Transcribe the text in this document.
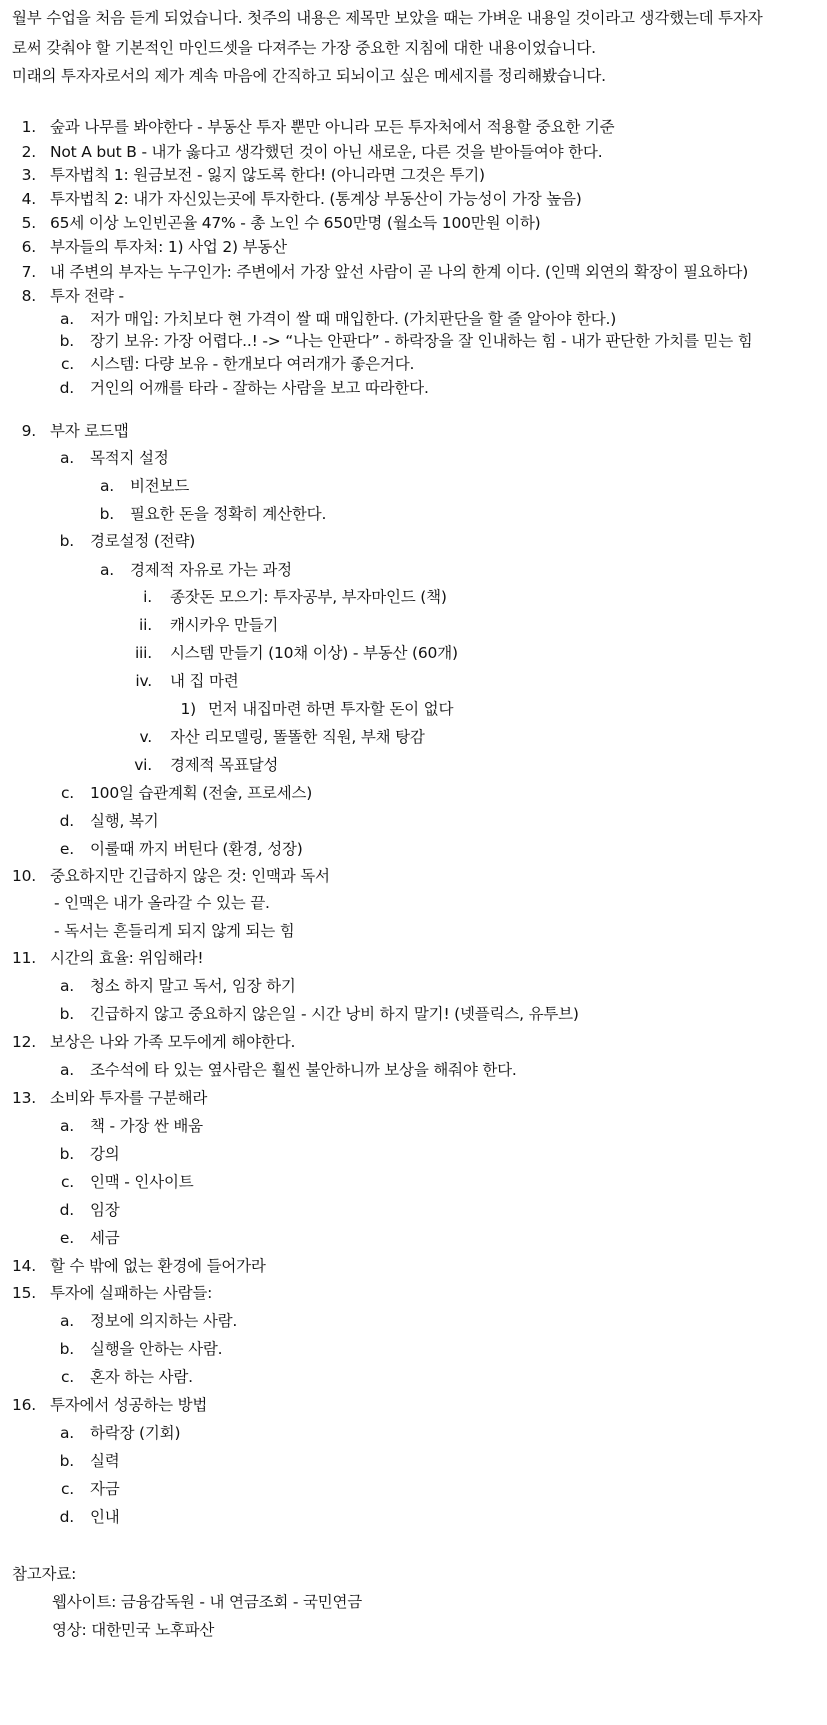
월부 수업을 처음 듣게 되었습니다. 첫주의 내용은 제목만 보았을 때는 가벼운 내용일 것이라고 생각했는데 투자자
로써 갖춰야 할 기본적인 마인드셋을 다져주는 가장 중요한 지침에 대한 내용이었습니다.
미래의 투자자로서의 제가 계속 마음에 간직하고 되뇌이고 싶은 메세지를 정리해봤습니다.
1. 숲과 나무를 봐야한다 - 부동산 투자 뿐만 아니라 모든 투자처에서 적용할 중요한 기준
2. Not A but B - 내가 옳다고 생각했던 것이 아닌 새로운, 다른 것을 받아들여야 한다.
3. 투자법칙 1: 원금보전 - 잃지 않도록 한다! (아니라면 그것은 투기)
4. 투자법칙 2: 내가 자신있는곳에 투자한다. (통계상 부동산이 가능성이 가장 높음)
5. 65세 이상 노인빈곤율 47% - 총 노인 수 650만명 (월소득 100만원 이하)
6. 부자들의 투자처: 1) 사업 2) 부동산
7. 내 주변의 부자는 누구인가: 주변에서 가장 앞선 사람이 곧 나의 한계 이다. (인맥 외연의 확장이 필요하다)
8. 투자 전략 -
a. 저가 매입: 가치보다 현 가격이 쌀 때 매입한다. (가치판단을 할 줄 알아야 한다.)
b. 장기 보유: 가장 어렵다..! -> “나는 안판다” - 하락장을 잘 인내하는 힘 - 내가 판단한 가치를 믿는 힘
c. 시스템: 다량 보유 - 한개보다 여러개가 좋은거다.
d. 거인의 어깨를 타라 - 잘하는 사람을 보고 따라한다.
9. 부자 로드맵
a. 목적지 설정
a. 비전보드
b. 필요한 돈을 정확히 계산한다.
b. 경로설정 (전략)
a. 경제적 자유로 가는 과정
i. 종잣돈 모으기: 투자공부, 부자마인드 (책)
ii. 캐시카우 만들기
iii. 시스템 만들기 (10채 이상) - 부동산 (60개)
iv. 내 집 마련
1) 먼저 내집마련 하면 투자할 돈이 없다
v. 자산 리모델링, 똘똘한 직원, 부채 탕감
vi. 경제적 목표달성
c. 100일 습관계획 (전술, 프로세스)
d. 실행, 복기
e. 이룰때 까지 버틴다 (환경, 성장)
10. 중요하지만 긴급하지 않은 것: 인맥과 독서
- 인맥은 내가 올라갈 수 있는 끝.
- 독서는 흔들리게 되지 않게 되는 힘
11. 시간의 효율: 위임해라!
a. 청소 하지 말고 독서, 임장 하기
b. 긴급하지 않고 중요하지 않은일 - 시간 낭비 하지 말기! (넷플릭스, 유투브)
12. 보상은 나와 가족 모두에게 해야한다.
a. 조수석에 타 있는 옆사람은 훨씬 불안하니까 보상을 해줘야 한다.
13. 소비와 투자를 구분해라
a. 책 - 가장 싼 배움
b. 강의
c. 인맥 - 인사이트
d. 임장
e. 세금
14. 할 수 밖에 없는 환경에 들어가라
15. 투자에 실패하는 사람들:
a. 정보에 의지하는 사람.
b. 실행을 안하는 사람.
c. 혼자 하는 사람.
16. 투자에서 성공하는 방법
a. 하락장 (기회)
b. 실력
c. 자금
d. 인내
참고자료:
웹사이트: 금융감독원 - 내 연금조회 - 국민연금
영상: 대한민국 노후파산
